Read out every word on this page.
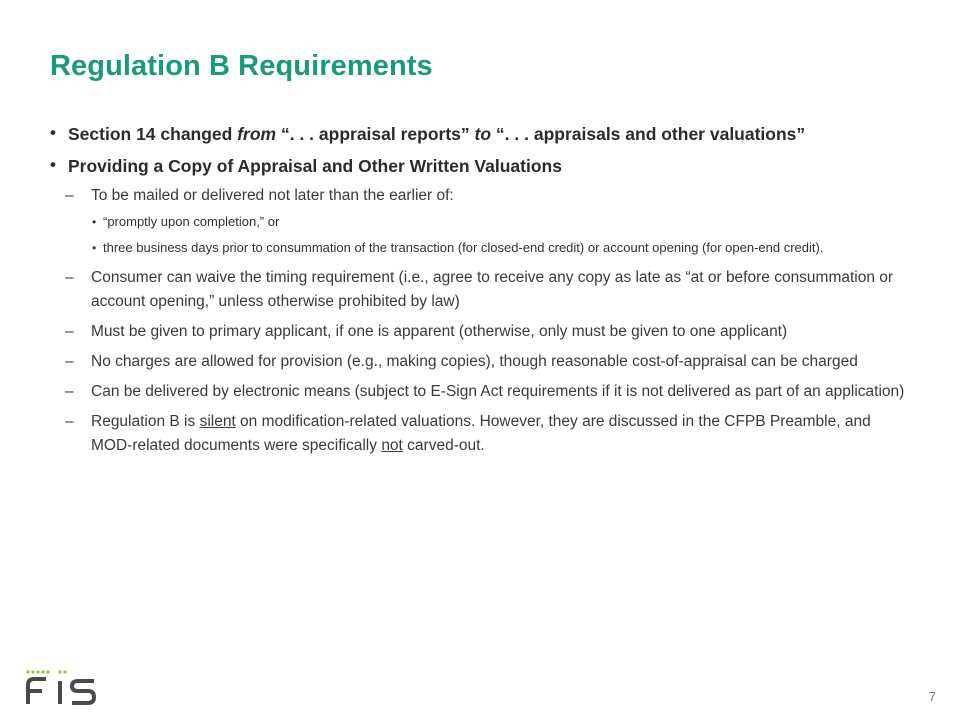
Regulation B Requirements
• Section 14 changed from “. . . appraisal reports” to “. . . appraisals and other valuations”
• Providing a Copy of Appraisal and Other Written Valuations
– To be mailed or delivered not later than the earlier of:
• “promptly upon completion,” or
• three business days prior to consummation of the transaction (for closed-end credit) or account opening (for open-end credit).
– Consumer can waive the timing requirement (i.e., agree to receive any copy as late as “at or before consummation or account opening,” unless otherwise prohibited by law)
– Must be given to primary applicant, if one is apparent (otherwise, only must be given to one applicant)
– No charges are allowed for provision (e.g., making copies), though reasonable cost-of-appraisal can be charged
– Can be delivered by electronic means (subject to E-Sign Act requirements if it is not delivered as part of an application)
– Regulation B is silent on modification-related valuations. However, they are discussed in the CFPB Preamble, and MOD-related documents were specifically not carved-out.
7
